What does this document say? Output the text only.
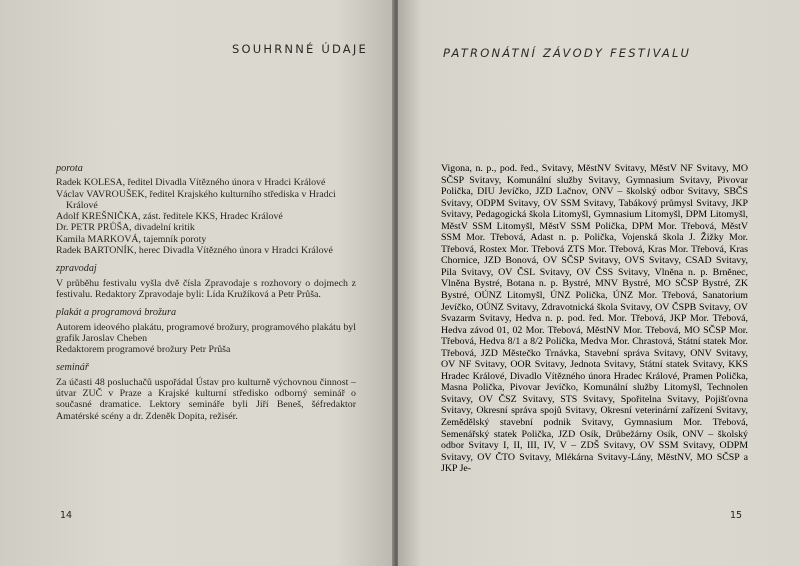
SOUHRNNÉ ÚDAJE
porota
Radek KOLESA, ředitel Divadla Vítězného února v Hradci Králové
Václav VAVROUŠEK, ředitel Krajského kulturního střediska v Hradci Králové
Adolf KREŠNIČKA, zást. ředitele KKS, Hradec Králové
Dr. PETR PRŮŠA, divadelní kritik
Kamila MARKOVÁ, tajemník poroty
Radek BARTONÍK, herec Divadla Vítězného února v Hradci Králové
zpravodaj
V průběhu festivalu vyšla dvě čísla Zpravodaje s rozhovory o dojmech z festivalu. Redaktory Zpravodaje byli: Lída Kružíková a Petr Průša.
plakát a programová brožura
Autorem ideového plakátu, programové brožury, programového plakátu byl grafik Jaroslav Cheben
Redaktorem programové brožury Petr Průša
seminář
Za účasti 48 posluchačů uspořádal Ústav pro kulturně výchovnou činnost – útvar ZUČ v Praze a Krajské kulturní středisko odborný seminář o současné dramatice. Lektory semináře byli Jiří Beneš, šéfredaktor Amatérské scény a dr. Zdeněk Dopita, režisér.
14	15
PATRONÁTNÍ ZÁVODY FESTIVALU

Vigona, n. p., pod. řed., Svitavy, MěstNV Svitavy, MěstV NF Svitavy, MO SČSP Svitavy, Komunální služby Svitavy, Gymnasium Svitavy, Pivovar Polička, DIU Jevíčko, JZD Lačnov, ONV – školský odbor Svitavy, SBČS Svitavy, ODPM Svitavy, OV SSM Svitavy, Tabákový průmysl Svitavy, JKP Svitavy, Pedagogická škola Litomyšl, Gymnasium Litomyšl, DPM Litomyšl, MěstV SSM Litomyšl, MěstV SSM Polička, DPM Mor. Třebová, MěstV SSM Mor. Třebová, Adast n. p. Polička, Vojenská škola J. Žižky Mor. Třebová, Rostex Mor. Třebová ZTS Mor. Třebová, Kras Mor. Třebová, Kras Chornice, JZD Bonová, OV SČSP Svitavy, OVS Svitavy, CSAD Svitavy, Pila Svitavy, OV ČSL Svitavy, OV ČSS Svitavy, Vlněna n. p. Brněnec, Vlněna Bystré, Botana n. p. Bystré, MNV Bystré, MO SČSP Bystré, ZK Bystré, OÚNZ Litomyšl, ÚNZ Polička, ÚNZ Mor. Třebová, Sanatorium Jevíčko, OÚNZ Svitavy, Zdravotnická škola Svitavy, OV ČSPB Svitavy, OV Svazarm Svitavy, Hedva n. p. pod. řed. Mor. Třebová, JKP Mor. Třebová, Hedva závod 01, 02 Mor. Třebová, MěstNV Mor. Třebová, MO SČSP Mor. Třebová, Hedva 8/1 a 8/2 Polička, Medva Mor. Chrastová, Státní statek Mor. Třebová, JZD Městečko Trnávka, Stavební správa Svitavy, ONV Svitavy, OV NF Svitavy, OOR Svitavy, Jednota Svitavy, Státní statek Svitavy, KKS Hradec Králové, Divadlo Vítězného února Hradec Králové, Pramen Polička, Masna Polička, Pivovar Jevíčko, Komunální služby Litomyšl, Technolen Svitavy, OV ČSZ Svitavy, STS Svitavy, Spořitelna Svitavy, Pojišťovna Svitavy, Okresní správa spojů Svitavy, Okresní veterinární zařízení Svitavy, Zemědělský stavební podnik Svitavy, Gymnasium Mor. Třebová, Semenářský statek Polička, JZD Osík, Drůbežárny Osík, ONV – školský odbor Svitavy I, II, III, IV, V – ZDŠ Svitavy, OV SSM Svitavy, ODPM Svitavy, OV ČTO Svitavy, Mlékárna Svitavy-Lány, MěstNV, MO SČSP a JKP Je-
